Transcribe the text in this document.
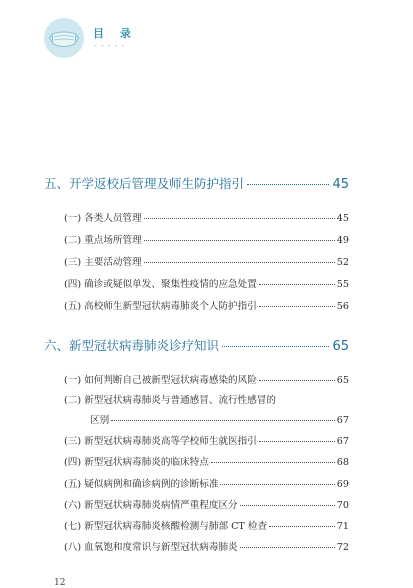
目 录
-----
五、开学返校后管理及师生防护指引	45
(一) 各类人员管理	45
(二) 重点场所管理	49
(三) 主要活动管理	52
(四) 确诊或疑似单发、聚集性疫情的应急处置	55
(五) 高校师生新型冠状病毒肺炎个人防护指引	56
六、新型冠状病毒肺炎诊疗知识	65
(一) 如何判断自己被新型冠状病毒感染的风险	65
(二) 新型冠状病毒肺炎与普通感冒、流行性感冒的
区别	67
(三) 新型冠状病毒肺炎高等学校师生就医指引	67
(四) 新型冠状病毒肺炎的临床特点	68
(五) 疑似病例和确诊病例的诊断标准	69
(六) 新型冠状病毒肺炎病情严重程度区分	70
(七) 新型冠状病毒肺炎核酸检测与肺部 CT 检查	71
(八) 血氧饱和度常识与新型冠状病毒肺炎	72
12
